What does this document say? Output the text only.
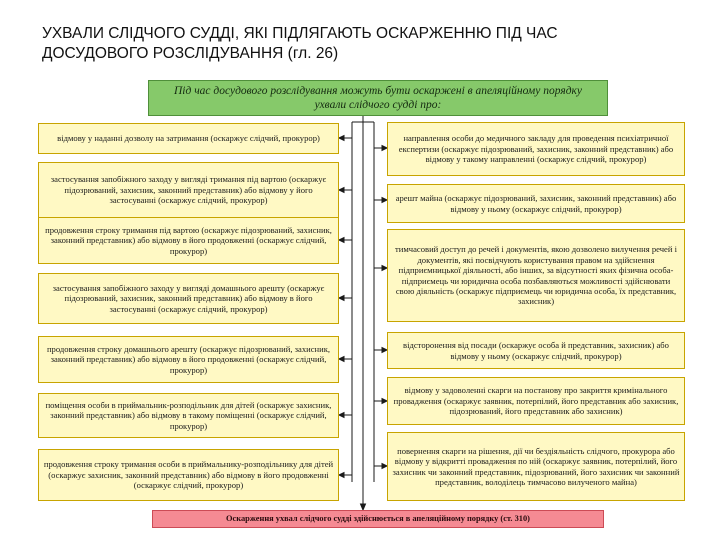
УХВАЛИ СЛІДЧОГО СУДДІ, ЯКІ ПІДЛЯГАЮТЬ ОСКАРЖЕННЮ ПІД ЧАС
ДОСУДОВОГО РОЗСЛІДУВАННЯ (гл. 26)
Під час досудового розслідування можуть бути оскаржені в апеляційному порядку ухвали слідчого судді про:
відмову у наданні дозволу на затримання (оскаржує слідчий, прокурор)
застосування запобіжного заходу у вигляді тримання під вартою (оскаржує підозрюваний, захисник, законний представник) або відмову у його застосуванні (оскаржує слідчий, прокурор)
продовження строку тримання під вартою (оскаржує підозрюваний, захисник, законний представник) або відмову в його продовженні (оскаржує слідчий, прокурор)
застосування запобіжного заходу у вигляді домашнього арешту (оскаржує підозрюваний, захисник, законний представник) або відмову в його застосуванні (оскаржує слідчий, прокурор)
продовження строку домашнього арешту (оскаржує підозрюваний, захисник, законний представник) або відмову в його продовженні (оскаржує слідчий, прокурор)
поміщення особи в приймальник-розподільник для дітей (оскаржує захисник, законний представник) або відмову в такому поміщенні (оскаржує слідчий, прокурор)
продовження строку тримання особи в приймальнику-розподільнику для дітей (оскаржує захисник, законний представник) або відмову в його продовженні (оскаржує слідчий, прокурор)
направлення особи до медичного закладу для проведення психіатричної експертизи (оскаржує підозрюваний, захисник, законний представник) або відмову у такому направленні (оскаржує слідчий, прокурор)
арешт майна (оскаржує підозрюваний, захисник, законний представник) або відмову у ньому (оскаржує слідчий, прокурор)
тимчасовий доступ до речей і документів, якою дозволено вилучення речей і документів, які посвідчують користування правом на здійснення підприємницької діяльності, або інших, за відсутності яких фізична особа-підприємець чи юридична особа позбавляються можливості здійснювати свою діяльність (оскаржує підприємець чи юридична особа, їх представник, захисник)
відсторонення від посади (оскаржує особа й представник, захисник) або відмову у ньому (оскаржує слідчий, прокурор)
відмову у задоволенні скарги на постанову про закриття кримінального провадження (оскаржує заявник, потерпілий, його представник або захисник, підозрюваний, його представник або захисник)
повернення скарги на рішення, дії чи бездіяльність слідчого, прокурора або відмову у відкритті провадження по ній (оскаржує заявник, потерпілий, його захисник чи законний представник, підозрюваний, його захисник чи законний представник, володілець тимчасово вилученого майна)
Оскарження ухвал слідчого судді здійснюється в апеляційному порядку (ст. 310)
